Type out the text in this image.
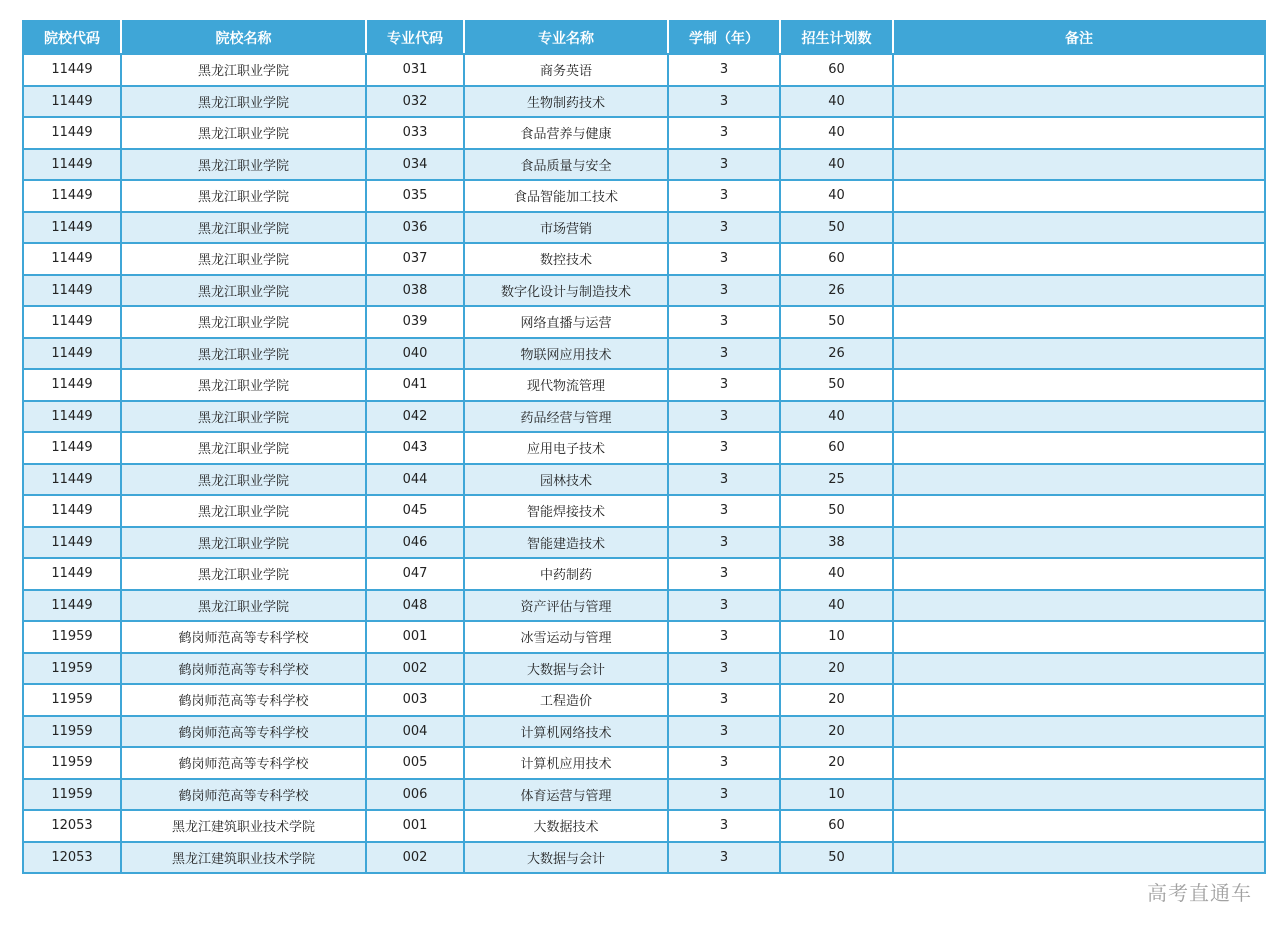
院校代码	院校名称	专业代码	专业名称	学制（年）	招生计划数	备注
11449	黑龙江职业学院	031	商务英语	3	60	
11449	黑龙江职业学院	032	生物制药技术	3	40	
11449	黑龙江职业学院	033	食品营养与健康	3	40	
11449	黑龙江职业学院	034	食品质量与安全	3	40	
11449	黑龙江职业学院	035	食品智能加工技术	3	40	
11449	黑龙江职业学院	036	市场营销	3	50	
11449	黑龙江职业学院	037	数控技术	3	60	
11449	黑龙江职业学院	038	数字化设计与制造技术	3	26	
11449	黑龙江职业学院	039	网络直播与运营	3	50	
11449	黑龙江职业学院	040	物联网应用技术	3	26	
11449	黑龙江职业学院	041	现代物流管理	3	50	
11449	黑龙江职业学院	042	药品经营与管理	3	40	
11449	黑龙江职业学院	043	应用电子技术	3	60	
11449	黑龙江职业学院	044	园林技术	3	25	
11449	黑龙江职业学院	045	智能焊接技术	3	50	
11449	黑龙江职业学院	046	智能建造技术	3	38	
11449	黑龙江职业学院	047	中药制药	3	40	
11449	黑龙江职业学院	048	资产评估与管理	3	40	
11959	鹤岗师范高等专科学校	001	冰雪运动与管理	3	10	
11959	鹤岗师范高等专科学校	002	大数据与会计	3	20	
11959	鹤岗师范高等专科学校	003	工程造价	3	20	
11959	鹤岗师范高等专科学校	004	计算机网络技术	3	20	
11959	鹤岗师范高等专科学校	005	计算机应用技术	3	20	
11959	鹤岗师范高等专科学校	006	体育运营与管理	3	10	
12053	黑龙江建筑职业技术学院	001	大数据技术	3	60	
12053	黑龙江建筑职业技术学院	002	大数据与会计	3	50	
高考直通车
